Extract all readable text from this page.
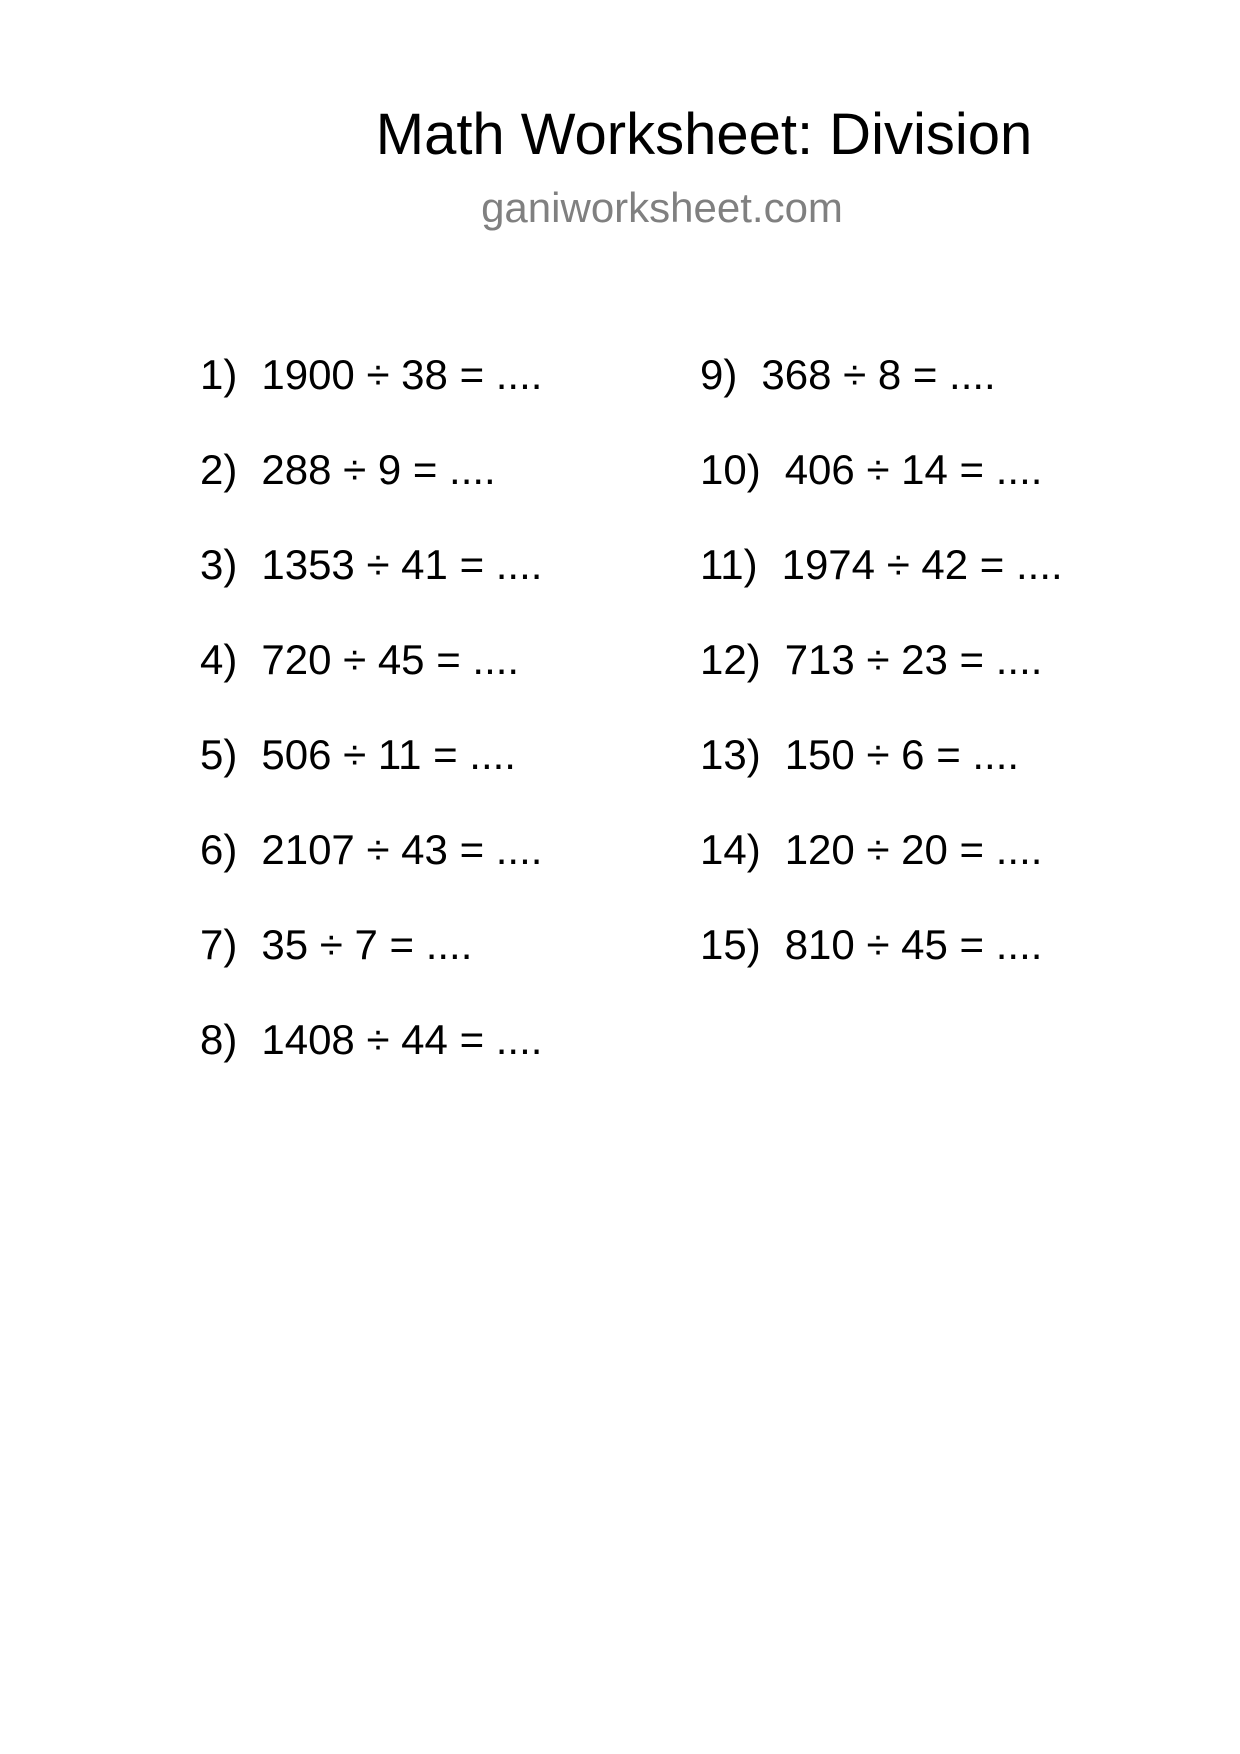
Math Worksheet: Division
ganiworksheet.com
1) 1900 ÷ 38 = ....
2) 288 ÷ 9 = ....
3) 1353 ÷ 41 = ....
4) 720 ÷ 45 = ....
5) 506 ÷ 11 = ....
6) 2107 ÷ 43 = ....
7) 35 ÷ 7 = ....
8) 1408 ÷ 44 = ....
9) 368 ÷ 8 = ....
10) 406 ÷ 14 = ....
11) 1974 ÷ 42 = ....
12) 713 ÷ 23 = ....
13) 150 ÷ 6 = ....
14) 120 ÷ 20 = ....
15) 810 ÷ 45 = ....
